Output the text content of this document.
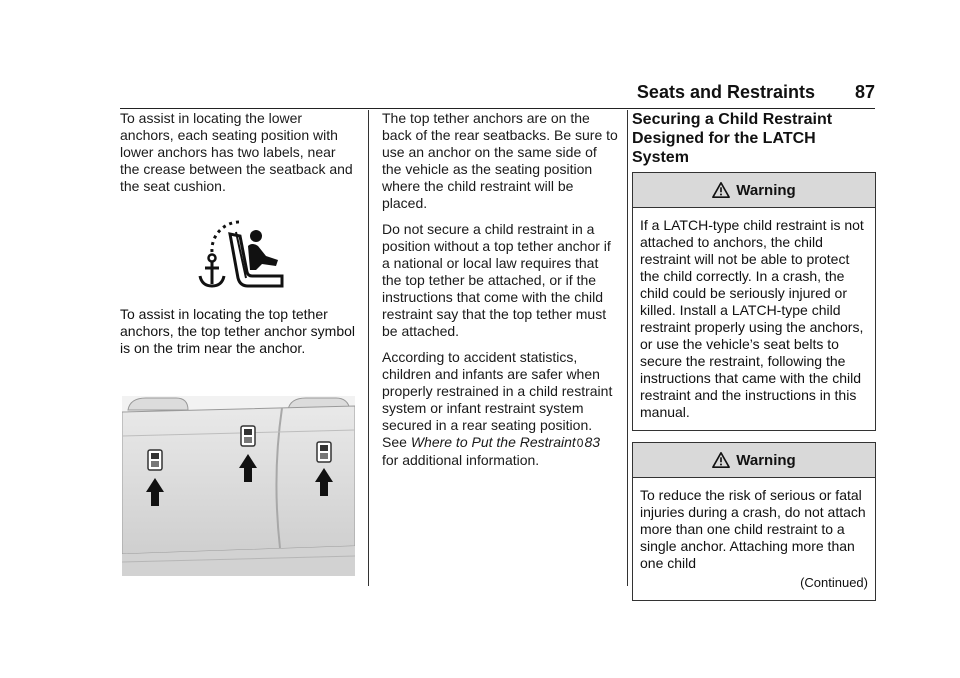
Seats and Restraints 87

To assist in locating the lower anchors, each seating position with lower anchors has two labels, near the crease between the seatback and the seat cushion.

To assist in locating the top tether anchors, the top tether anchor symbol is on the trim near the anchor.

The top tether anchors are on the back of the rear seatbacks. Be sure to use an anchor on the same side of the vehicle as the seating position where the child restraint will be placed.

Do not secure a child restraint in a position without a top tether anchor if a national or local law requires that the top tether be attached, or if the instructions that come with the child restraint say that the top tether must be attached.

According to accident statistics, children and infants are safer when properly restrained in a child restraint system or infant restraint system secured in a rear seating position. See Where to Put the Restraint083 for additional information.

Securing a Child Restraint Designed for the LATCH System
Warning
If a LATCH-type child restraint is not attached to anchors, the child restraint will not be able to protect the child correctly. In a crash, the child could be seriously injured or killed. Install a LATCH-type child restraint properly using the anchors, or use the vehicle’s seat belts to secure the restraint, following the instructions that came with the child restraint and the instructions in this manual.
Warning
To reduce the risk of serious or fatal injuries during a crash, do not attach more than one child restraint to a single anchor. Attaching more than one child
(Continued)
